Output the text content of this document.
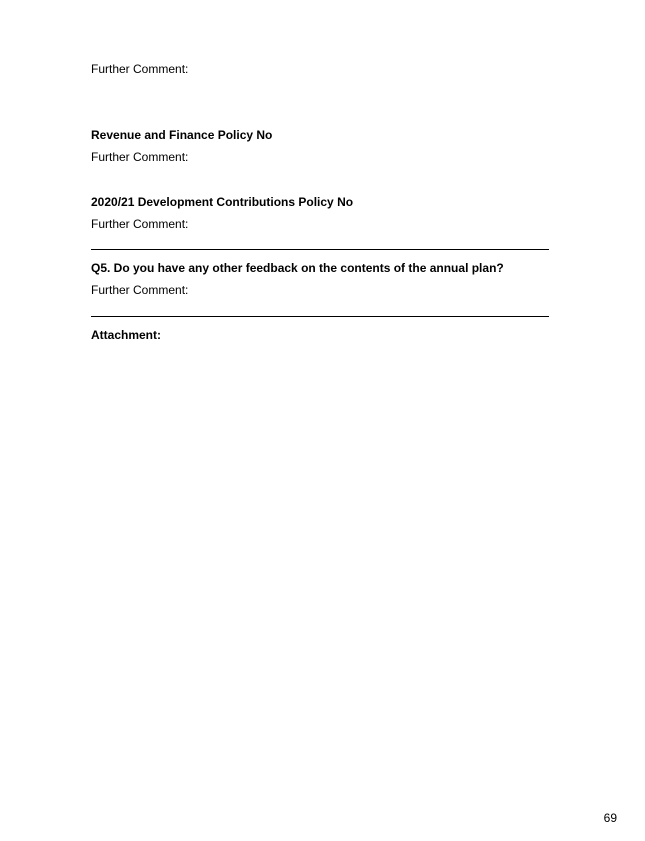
Further Comment:
Revenue and Finance Policy No
Further Comment:
2020/21 Development Contributions Policy No
Further Comment:
Q5. Do you have any other feedback on the contents of the annual plan?
Further Comment:
Attachment:
69
